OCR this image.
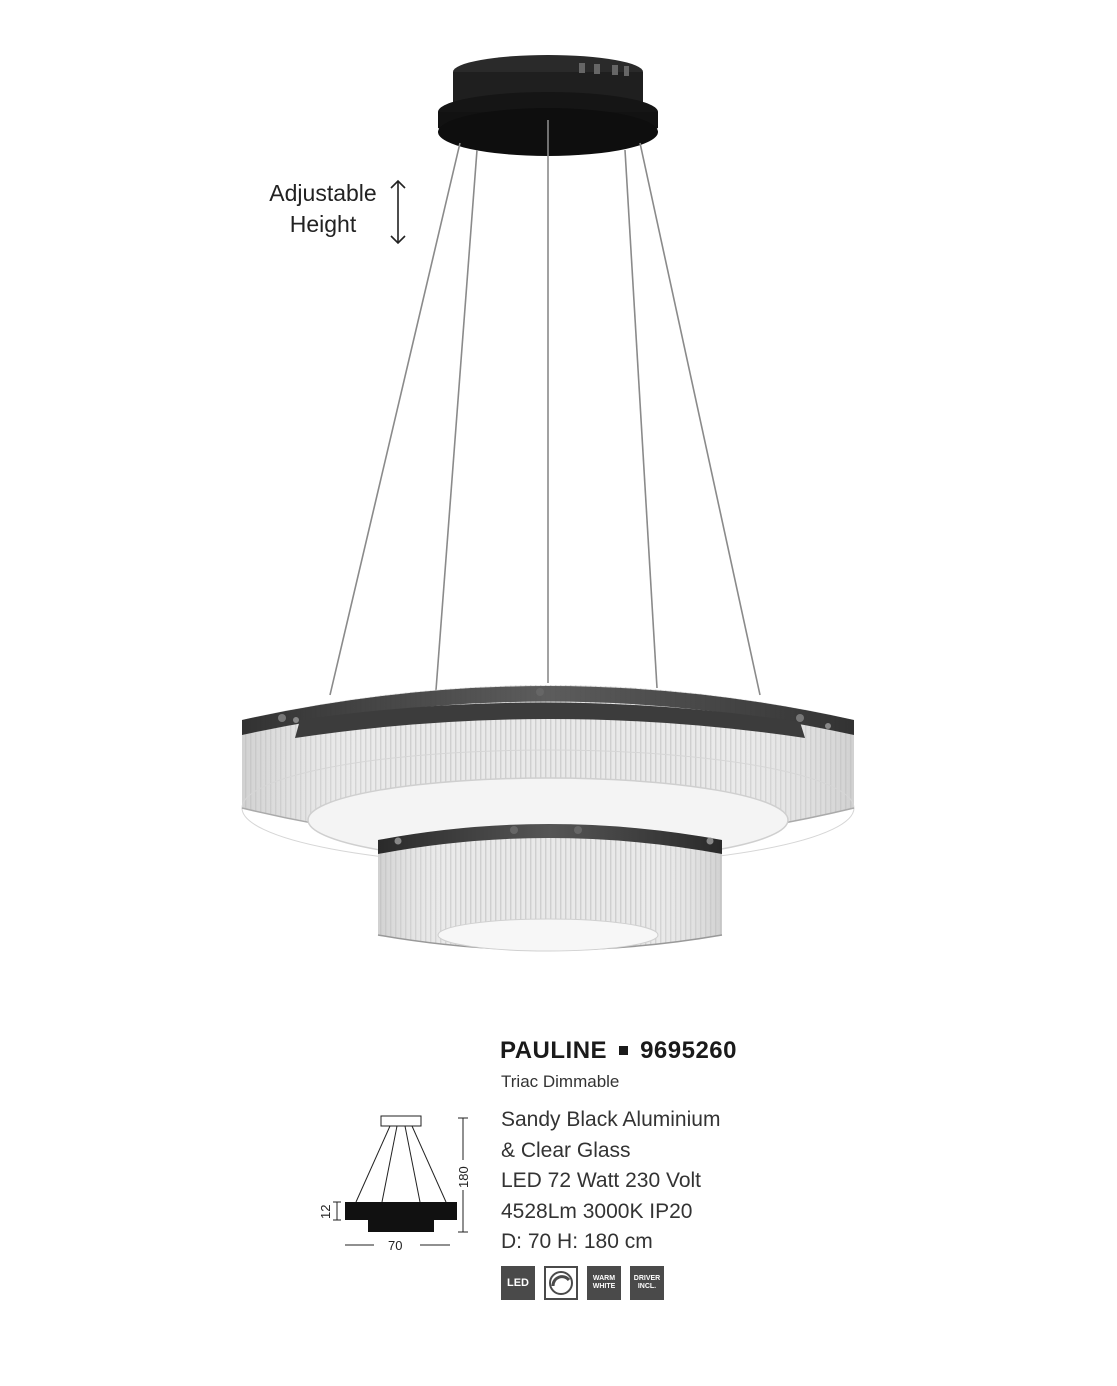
Adjustable
Height
PAULINE 9695260
Triac Dimmable
Sandy Black Aluminium
& Clear Glass
LED 72 Watt 230 Volt
4528Lm 3000K IP20
D: 70 H: 180 cm
180
12
70
LED	WARM
WHITE
DRIVER
INCL.
